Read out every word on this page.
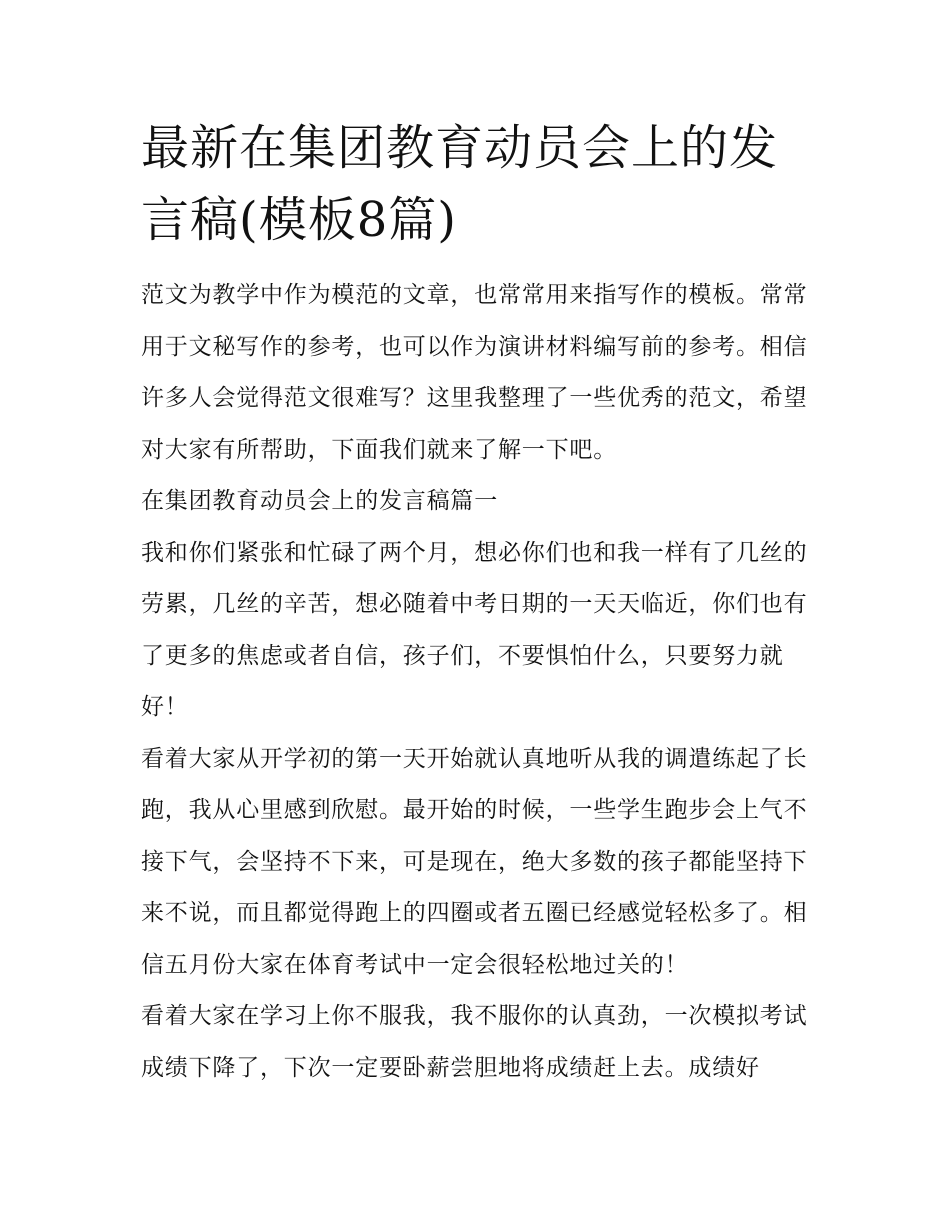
最新在集团教育动员会上的发言稿(模板8篇)

范文为教学中作为模范的文章，也常常用来指写作的模板。常常用于文秘写作的参考，也可以作为演讲材料编写前的参考。相信许多人会觉得范文很难写？这里我整理了一些优秀的范文，希望对大家有所帮助，下面我们就来了解一下吧。

在集团教育动员会上的发言稿篇一

我和你们紧张和忙碌了两个月，想必你们也和我一样有了几丝的劳累，几丝的辛苦，想必随着中考日期的一天天临近，你们也有了更多的焦虑或者自信，孩子们，不要惧怕什么，只要努力就好！

看着大家从开学初的第一天开始就认真地听从我的调遣练起了长跑，我从心里感到欣慰。最开始的时候，一些学生跑步会上气不接下气，会坚持不下来，可是现在，绝大多数的孩子都能坚持下来不说，而且都觉得跑上的四圈或者五圈已经感觉轻松多了。相信五月份大家在体育考试中一定会很轻松地过关的！

看着大家在学习上你不服我，我不服你的认真劲，一次模拟考试成绩下降了，下次一定要卧薪尝胆地将成绩赶上去。成绩好
